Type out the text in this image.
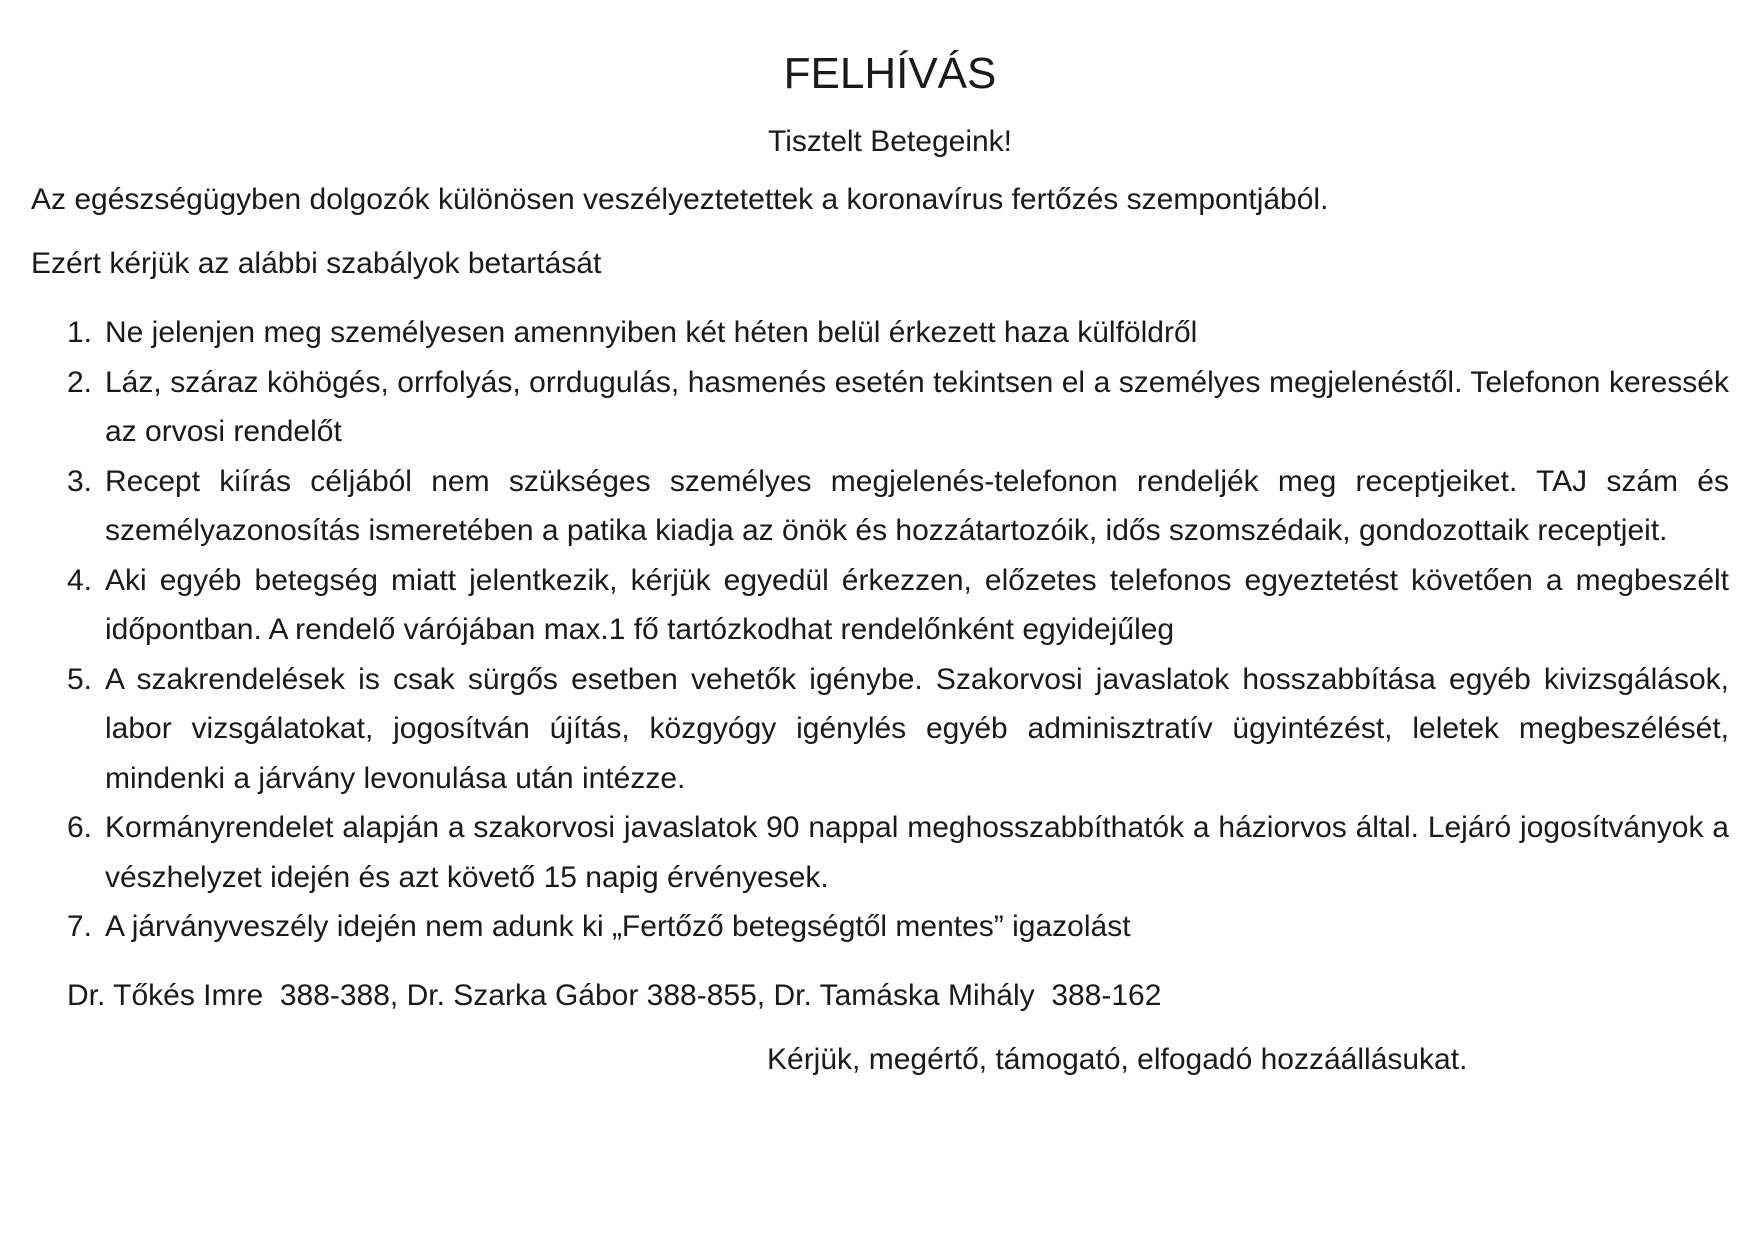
FELHÍVÁS
Tisztelt Betegeink!
Az egészségügyben dolgozók különösen veszélyeztetettek a koronavírus fertőzés szempontjából.
Ezért kérjük az alábbi szabályok betartását
1. Ne jelenjen meg személyesen amennyiben két héten belül érkezett haza külföldről
2. Láz, száraz köhögés, orrfolyás, orrdugulás, hasmenés esetén tekintsen el a személyes megjelenéstől. Telefonon keressék az orvosi rendelőt
3. Recept kiírás céljából nem szükséges személyes megjelenés-telefonon rendeljék meg receptjeiket. TAJ szám és személyazonosítás ismeretében a patika kiadja az önök és hozzátartozóik, idős szomszédaik, gondozottaik receptjeit.
4. Aki egyéb betegség miatt jelentkezik, kérjük egyedül érkezzen, előzetes telefonos egyeztetést követően a megbeszélt időpontban. A rendelő várójában max.1 fő tartózkodhat rendelőnként egyidejűleg
5. A szakrendelések is csak sürgős esetben vehetők igénybe. Szakorvosi javaslatok hosszabbítása egyéb kivizsgálások, labor vizsgálatokat, jogosítván újítás, közgyógy igénylés egyéb adminisztratív ügyintézést, leletek megbeszélését, mindenki a járvány levonulása után intézze.
6. Kormányrendelet alapján a szakorvosi javaslatok 90 nappal meghosszabbíthatók a háziorvos által. Lejáró jogosítványok a vészhelyzet idején és azt követő 15 napig érvényesek.
7. A járványveszély idején nem adunk ki „Fertőző betegségtől mentes” igazolást
Dr. Tőkés Imre  388-388, Dr. Szarka Gábor 388-855, Dr. Tamáska Mihály  388-162
Kérjük, megértő, támogató, elfogadó hozzáállásukat.
